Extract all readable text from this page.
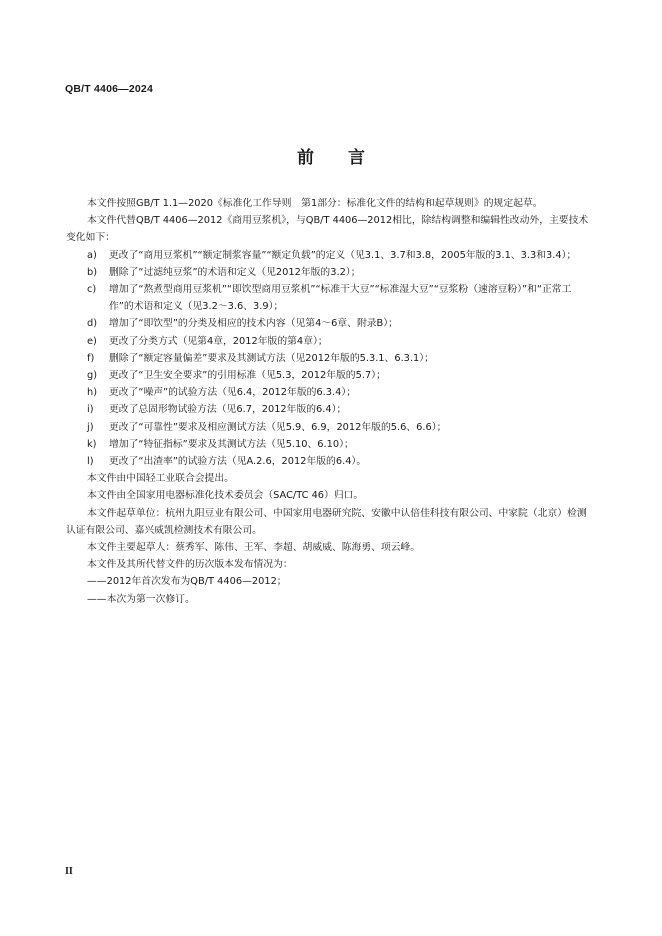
QB/T 4406—2024
前 言

本文件按照GB/T 1.1—2020《标准化工作导则　第1部分：标准化文件的结构和起草规则》的规定起草。

本文件代替QB/T 4406—2012《商用豆浆机》，与QB/T 4406—2012相比，除结构调整和编辑性改动外，主要技术变化如下：

a)	更改了“商用豆浆机”“额定制浆容量”“额定负载”的定义（见3.1、3.7和3.8，2005年版的3.1、3.3和3.4）；
b)	删除了“过滤纯豆浆”的术语和定义（见2012年版的3.2）；
c)	增加了“熬煮型商用豆浆机”“即饮型商用豆浆机”“标准干大豆”“标准湿大豆”“豆浆粉（速溶豆粉）”和“正常工作”的术语和定义（见3.2～3.6、3.9）；
d)	增加了“即饮型”的分类及相应的技术内容（见第4～6章、附录B）；
e)	更改了分类方式（见第4章，2012年版的第4章）；
f)	删除了“额定容量偏差”要求及其测试方法（见2012年版的5.3.1、6.3.1）；
g)	更改了“卫生安全要求”的引用标准（见5.3，2012年版的5.7）；
h)	更改了“噪声”的试验方法（见6.4，2012年版的6.3.4）；
i)	更改了总固形物试验方法（见6.7，2012年版的6.4）；
j)	更改了“可靠性”要求及相应测试方法（见5.9、6.9，2012年版的5.6、6.6）；
k)	增加了“特征指标”要求及其测试方法（见5.10、6.10）；
l)	更改了“出渣率”的试验方法（见A.2.6，2012年版的6.4）。

本文件由中国轻工业联合会提出。

本文件由全国家用电器标准化技术委员会（SAC/TC 46）归口。

本文件起草单位：杭州九阳豆业有限公司、中国家用电器研究院、安徽中认倍佳科技有限公司、中家院（北京）检测认证有限公司、嘉兴威凯检测技术有限公司。

本文件主要起草人：蔡秀军、陈伟、王军、李超、胡威威、陈海勇、项云峰。

本文件及其所代替文件的历次版本发布情况为：

——2012年首次发布为QB/T 4406—2012；
——本次为第一次修订。
II
